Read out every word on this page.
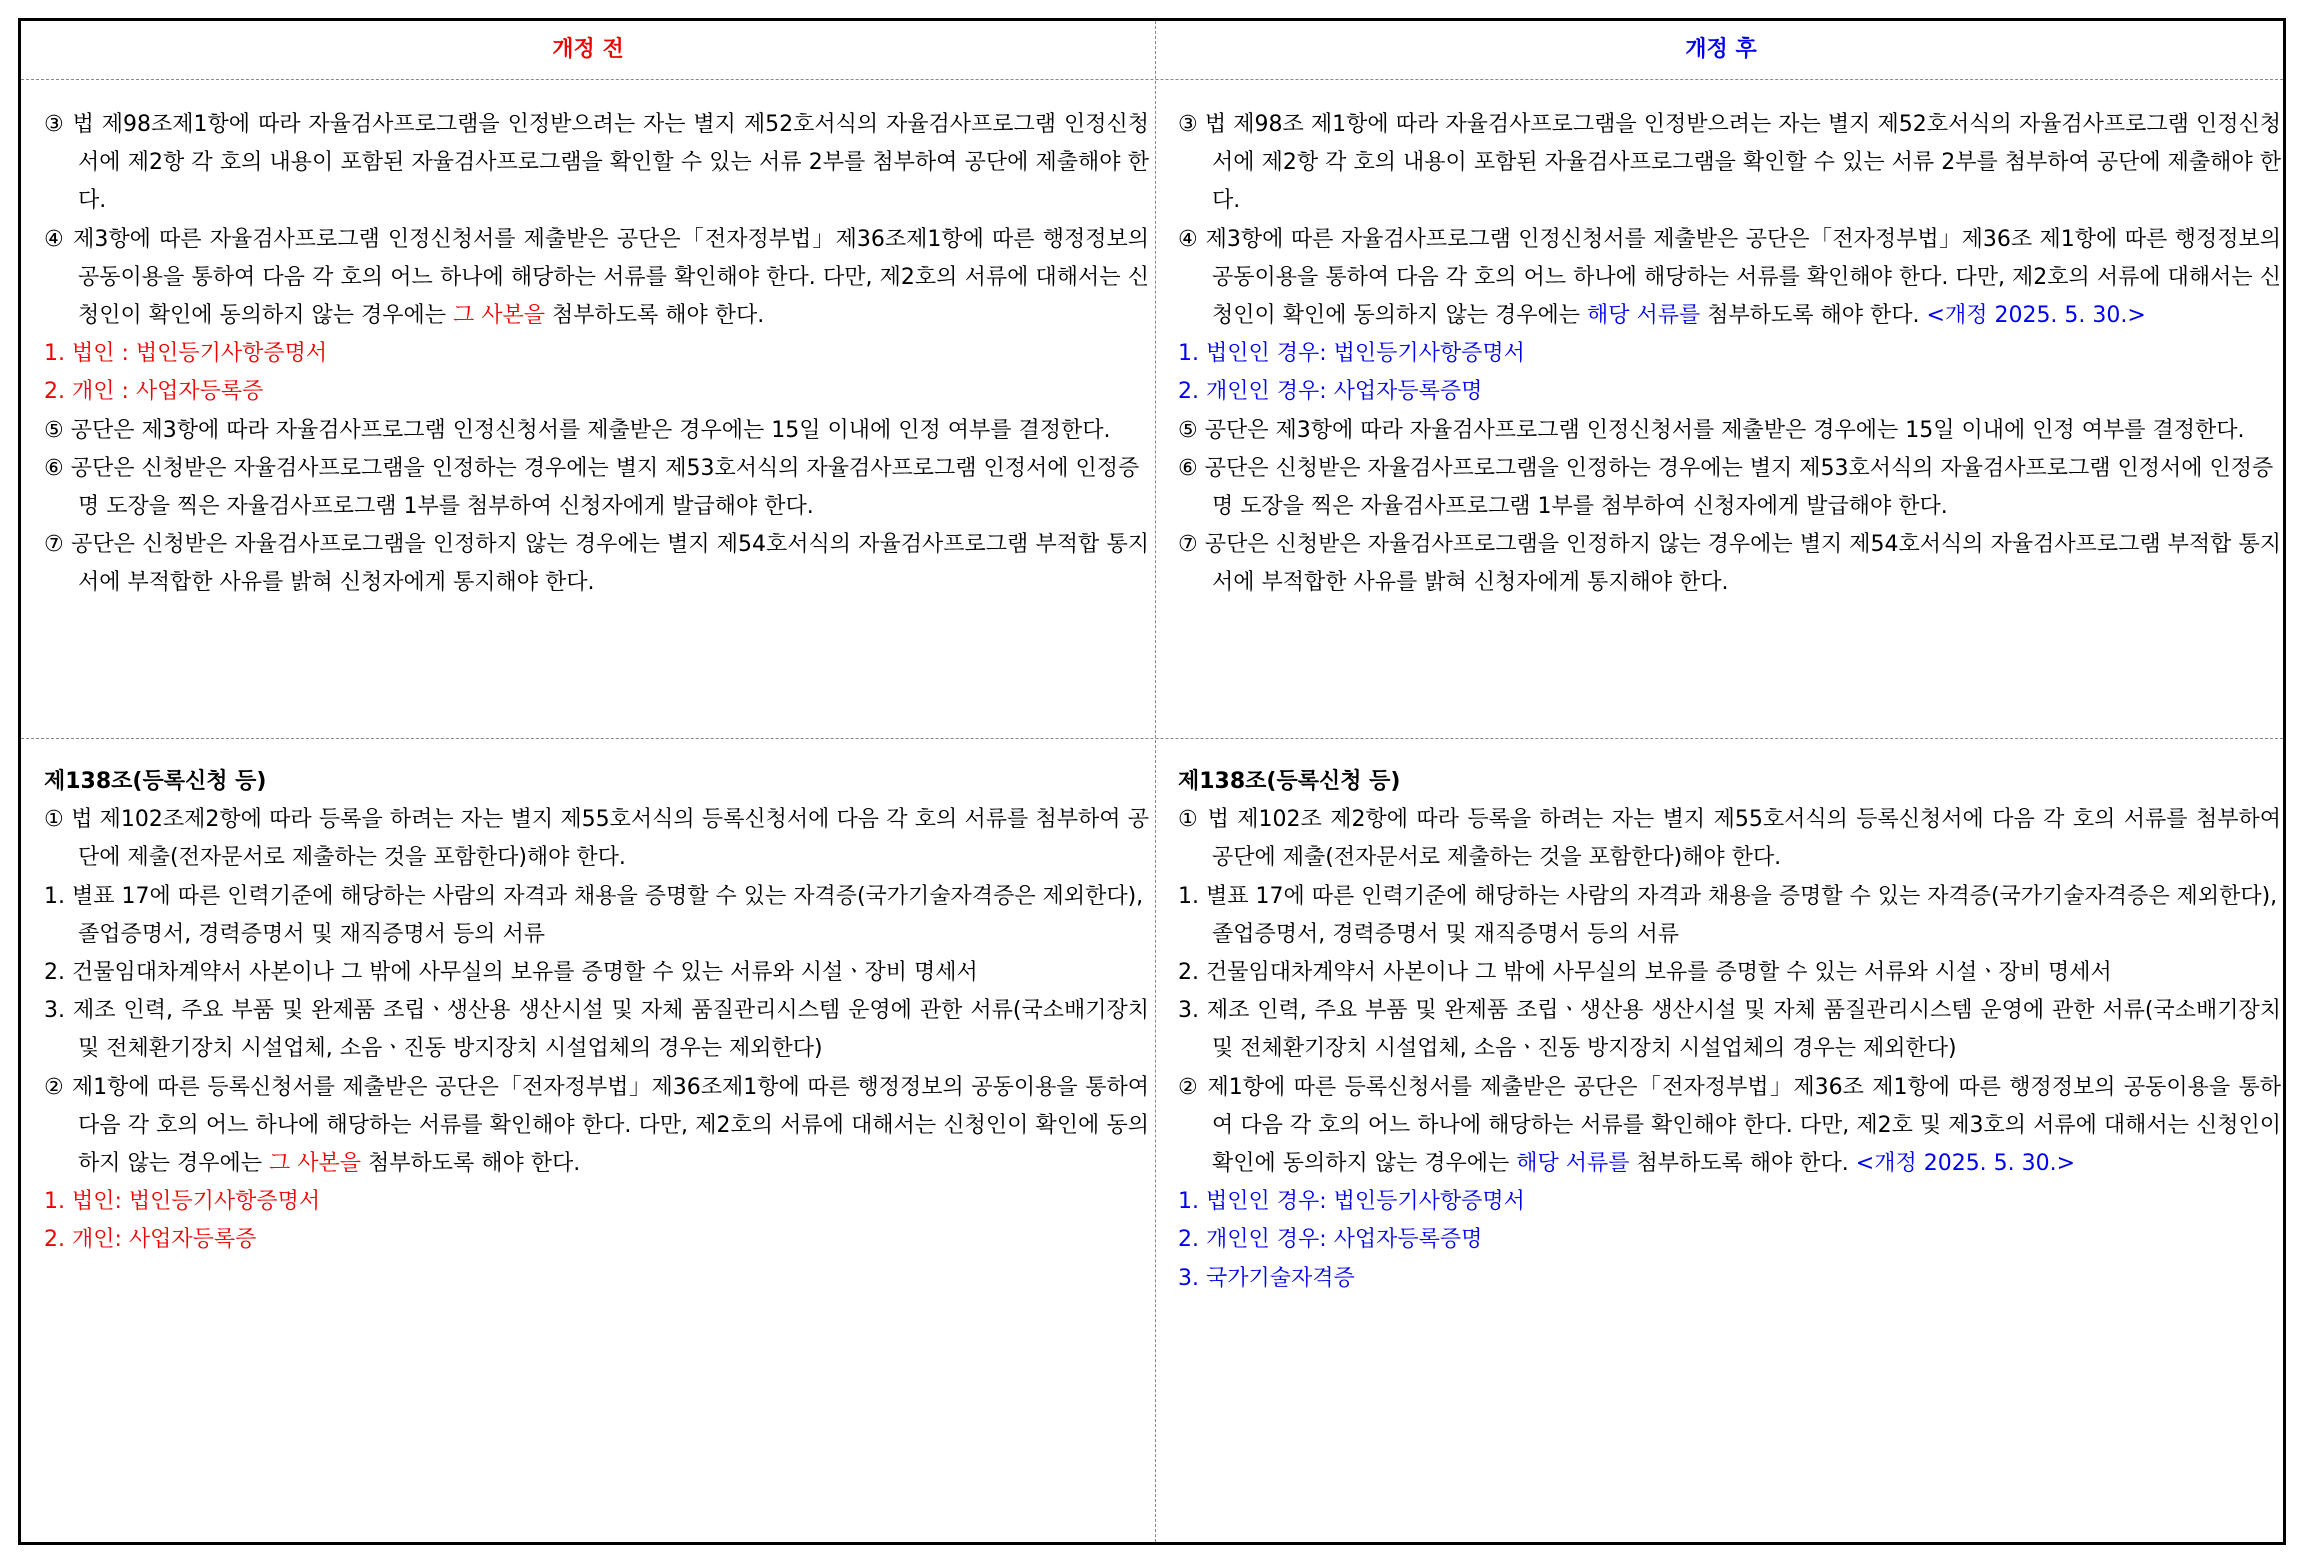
개정 전	개정 후

③ 법 제98조제1항에 따라 자율검사프로그램을 인정받으려는 자는 별지 제52호서식의 자율검사프로그램 인정신청서에 제2항 각 호의 내용이 포함된 자율검사프로그램을 확인할 수 있는 서류 2부를 첨부하여 공단에 제출해야 한다.

④ 제3항에 따른 자율검사프로그램 인정신청서를 제출받은 공단은「전자정부법」제36조제1항에 따른 행정정보의 공동이용을 통하여 다음 각 호의 어느 하나에 해당하는 서류를 확인해야 한다. 다만, 제2호의 서류에 대해서는 신청인이 확인에 동의하지 않는 경우에는 그 사본을 첨부하도록 해야 한다.

1. 법인 : 법인등기사항증명서

2. 개인 : 사업자등록증

⑤ 공단은 제3항에 따라 자율검사프로그램 인정신청서를 제출받은 경우에는 15일 이내에 인정 여부를 결정한다.

⑥ 공단은 신청받은 자율검사프로그램을 인정하는 경우에는 별지 제53호서식의 자율검사프로그램 인정서에 인정증명 도장을 찍은 자율검사프로그램 1부를 첨부하여 신청자에게 발급해야 한다.

⑦ 공단은 신청받은 자율검사프로그램을 인정하지 않는 경우에는 별지 제54호서식의 자율검사프로그램 부적합 통지서에 부적합한 사유를 밝혀 신청자에게 통지해야 한다.

③ 법 제98조 제1항에 따라 자율검사프로그램을 인정받으려는 자는 별지 제52호서식의 자율검사프로그램 인정신청서에 제2항 각 호의 내용이 포함된 자율검사프로그램을 확인할 수 있는 서류 2부를 첨부하여 공단에 제출해야 한다.

④ 제3항에 따른 자율검사프로그램 인정신청서를 제출받은 공단은「전자정부법」제36조 제1항에 따른 행정정보의 공동이용을 통하여 다음 각 호의 어느 하나에 해당하는 서류를 확인해야 한다. 다만, 제2호의 서류에 대해서는 신청인이 확인에 동의하지 않는 경우에는 해당 서류를 첨부하도록 해야 한다. <개정 2025. 5. 30.>

1. 법인인 경우: 법인등기사항증명서

2. 개인인 경우: 사업자등록증명

⑤ 공단은 제3항에 따라 자율검사프로그램 인정신청서를 제출받은 경우에는 15일 이내에 인정 여부를 결정한다.

⑥ 공단은 신청받은 자율검사프로그램을 인정하는 경우에는 별지 제53호서식의 자율검사프로그램 인정서에 인정증명 도장을 찍은 자율검사프로그램 1부를 첨부하여 신청자에게 발급해야 한다.

⑦ 공단은 신청받은 자율검사프로그램을 인정하지 않는 경우에는 별지 제54호서식의 자율검사프로그램 부적합 통지서에 부적합한 사유를 밝혀 신청자에게 통지해야 한다.

제138조(등록신청 등)

① 법 제102조제2항에 따라 등록을 하려는 자는 별지 제55호서식의 등록신청서에 다음 각 호의 서류를 첨부하여 공단에 제출(전자문서로 제출하는 것을 포함한다)해야 한다.

1. 별표 17에 따른 인력기준에 해당하는 사람의 자격과 채용을 증명할 수 있는 자격증(국가기술자격증은 제외한다), 졸업증명서, 경력증명서 및 재직증명서 등의 서류

2. 건물임대차계약서 사본이나 그 밖에 사무실의 보유를 증명할 수 있는 서류와 시설ㆍ장비 명세서

3. 제조 인력, 주요 부품 및 완제품 조립ㆍ생산용 생산시설 및 자체 품질관리시스템 운영에 관한 서류(국소배기장치 및 전체환기장치 시설업체, 소음ㆍ진동 방지장치 시설업체의 경우는 제외한다)

② 제1항에 따른 등록신청서를 제출받은 공단은「전자정부법」제36조제1항에 따른 행정정보의 공동이용을 통하여 다음 각 호의 어느 하나에 해당하는 서류를 확인해야 한다. 다만, 제2호의 서류에 대해서는 신청인이 확인에 동의하지 않는 경우에는 그 사본을 첨부하도록 해야 한다.

1. 법인: 법인등기사항증명서

2. 개인: 사업자등록증

제138조(등록신청 등)

① 법 제102조 제2항에 따라 등록을 하려는 자는 별지 제55호서식의 등록신청서에 다음 각 호의 서류를 첨부하여 공단에 제출(전자문서로 제출하는 것을 포함한다)해야 한다.

1. 별표 17에 따른 인력기준에 해당하는 사람의 자격과 채용을 증명할 수 있는 자격증(국가기술자격증은 제외한다), 졸업증명서, 경력증명서 및 재직증명서 등의 서류

2. 건물임대차계약서 사본이나 그 밖에 사무실의 보유를 증명할 수 있는 서류와 시설ㆍ장비 명세서

3. 제조 인력, 주요 부품 및 완제품 조립ㆍ생산용 생산시설 및 자체 품질관리시스템 운영에 관한 서류(국소배기장치 및 전체환기장치 시설업체, 소음ㆍ진동 방지장치 시설업체의 경우는 제외한다)

② 제1항에 따른 등록신청서를 제출받은 공단은「전자정부법」제36조 제1항에 따른 행정정보의 공동이용을 통하여 다음 각 호의 어느 하나에 해당하는 서류를 확인해야 한다. 다만, 제2호 및 제3호의 서류에 대해서는 신청인이 확인에 동의하지 않는 경우에는 해당 서류를 첨부하도록 해야 한다. <개정 2025. 5. 30.>

1. 법인인 경우: 법인등기사항증명서

2. 개인인 경우: 사업자등록증명

3. 국가기술자격증
